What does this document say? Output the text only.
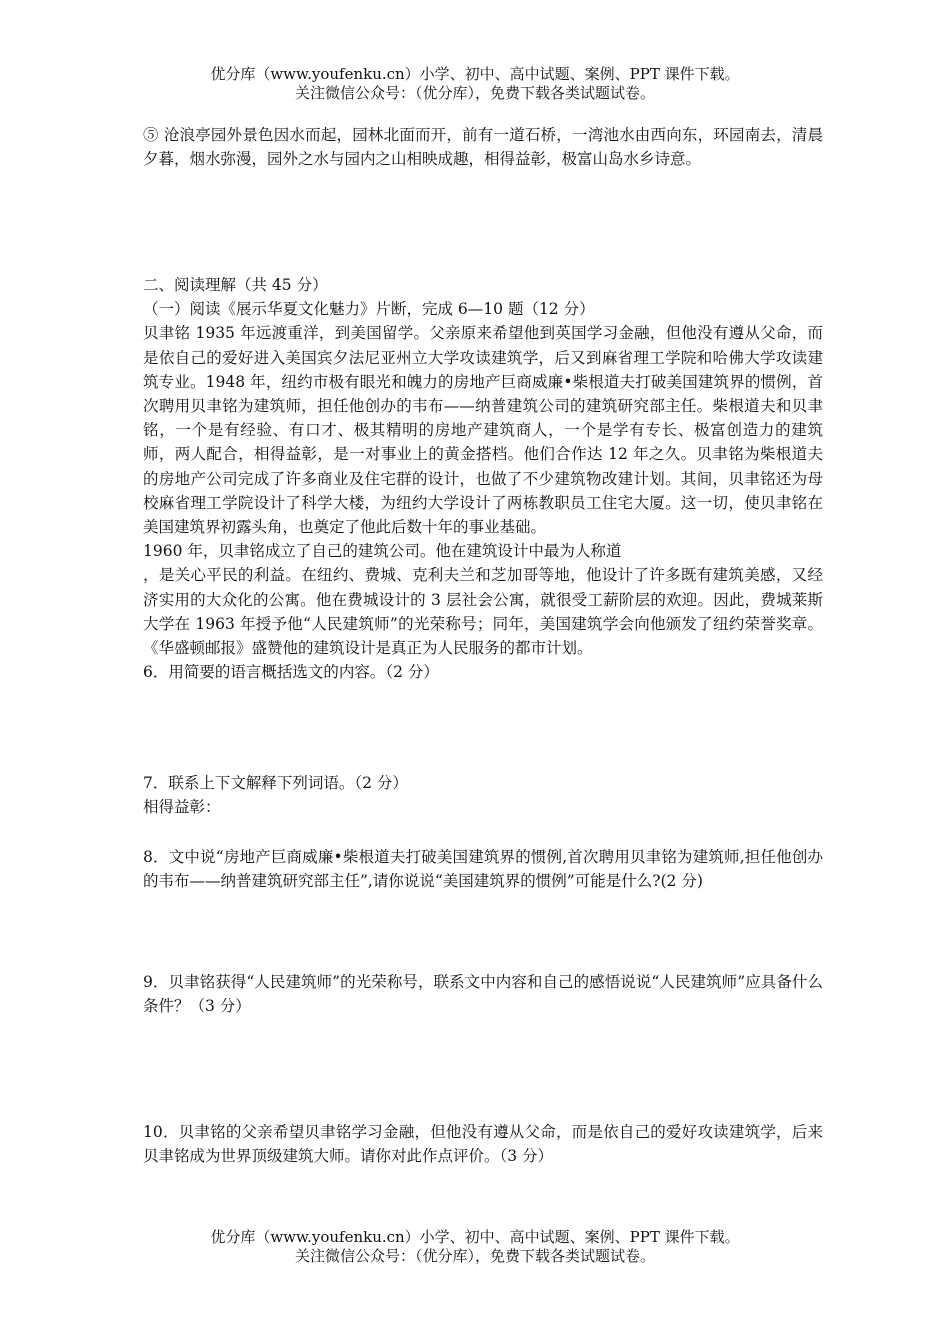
优分库（www.youfenku.cn）小学、初中、高中试题、案例、PPT 课件下载。
关注微信公众号：（优分库），免费下载各类试题试卷。

⑤ 沧浪亭园外景色因水而起，园林北面而开，前有一道石桥，一湾池水由西向东，环园南去，清晨夕暮，烟水弥漫，园外之水与园内之山相映成趣，相得益彰，极富山岛水乡诗意。

二、阅读理解（共 45 分）

（一）阅读《展示华夏文化魅力》片断，完成 6—10 题（12 分）

贝聿铭 1935 年远渡重洋，到美国留学。父亲原来希望他到英国学习金融，但他没有遵从父命，而是依自己的爱好进入美国宾夕法尼亚州立大学攻读建筑学，后又到麻省理工学院和哈佛大学攻读建筑专业。1948 年，纽约市极有眼光和魄力的房地产巨商威廉•柴根道夫打破美国建筑界的惯例，首次聘用贝聿铭为建筑师，担任他创办的韦布——纳普建筑公司的建筑研究部主任。柴根道夫和贝聿铭，一个是有经验、有口才、极其精明的房地产建筑商人，一个是学有专长、极富创造力的建筑师，两人配合，相得益彰，是一对事业上的黄金搭档。他们合作达 12 年之久。贝聿铭为柴根道夫的房地产公司完成了许多商业及住宅群的设计，也做了不少建筑物改建计划。其间，贝聿铭还为母校麻省理工学院设计了科学大楼，为纽约大学设计了两栋教职员工住宅大厦。这一切，使贝聿铭在美国建筑界初露头角，也奠定了他此后数十年的事业基础。

1960 年，贝聿铭成立了自己的建筑公司。他在建筑设计中最为人称道

，是关心平民的利益。在纽约、费城、克利夫兰和芝加哥等地，他设计了许多既有建筑美感，又经济实用的大众化的公寓。他在费城设计的 3 层社会公寓，就很受工薪阶层的欢迎。因此，费城莱斯大学在 1963 年授予他“人民建筑师”的光荣称号；同年，美国建筑学会向他颁发了纽约荣誉奖章。《华盛顿邮报》盛赞他的建筑设计是真正为人民服务的都市计划。

6．用简要的语言概括选文的内容。（2 分）

7．联系上下文解释下列词语。（2 分）

相得益彰：

8．文中说“房地产巨商威廉•柴根道夫打破美国建筑界的惯例,首次聘用贝聿铭为建筑师,担任他创办的韦布——纳普建筑研究部主任”,请你说说“美国建筑界的惯例”可能是什么?(2 分)

9．贝聿铭获得“人民建筑师”的光荣称号，联系文中内容和自己的感悟说说“人民建筑师”应具备什么条件？（3 分）

10．贝聿铭的父亲希望贝聿铭学习金融，但他没有遵从父命，而是依自己的爱好攻读建筑学，后来贝聿铭成为世界顶级建筑大师。请你对此作点评价。（3 分）

优分库（www.youfenku.cn）小学、初中、高中试题、案例、PPT 课件下载。
关注微信公众号：（优分库），免费下载各类试题试卷。
